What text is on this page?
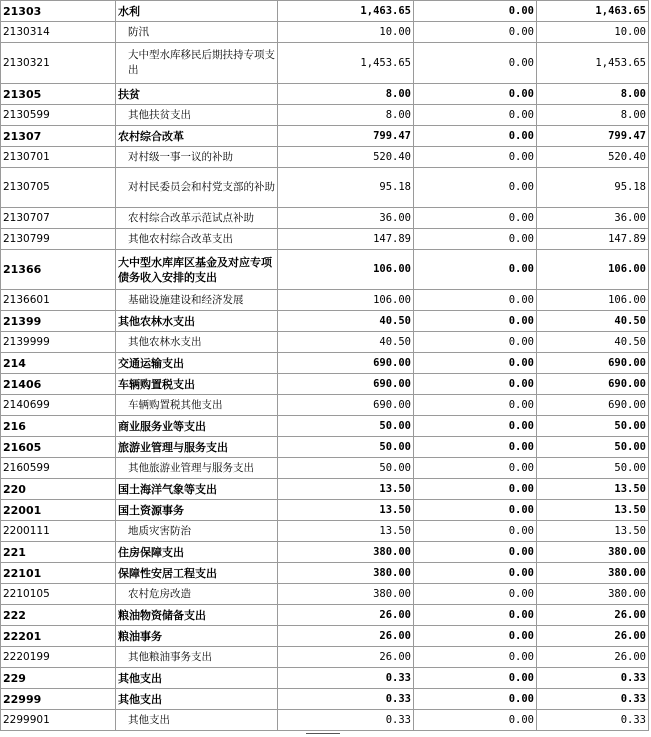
21303	水利	1,463.65	0.00	1,463.65
2130314	防汛	10.00	0.00	10.00
2130321	大中型水库移民后期扶持专项支出	1,453.65	0.00	1,453.65
21305	扶贫	8.00	0.00	8.00
2130599	其他扶贫支出	8.00	0.00	8.00
21307	农村综合改革	799.47	0.00	799.47
2130701	对村级一事一议的补助	520.40	0.00	520.40
2130705	对村民委员会和村党支部的补助	95.18	0.00	95.18
2130707	农村综合改革示范试点补助	36.00	0.00	36.00
2130799	其他农村综合改革支出	147.89	0.00	147.89
21366	大中型水库库区基金及对应专项债务收入安排的支出	106.00	0.00	106.00
2136601	基础设施建设和经济发展	106.00	0.00	106.00
21399	其他农林水支出	40.50	0.00	40.50
2139999	其他农林水支出	40.50	0.00	40.50
214	交通运输支出	690.00	0.00	690.00
21406	车辆购置税支出	690.00	0.00	690.00
2140699	车辆购置税其他支出	690.00	0.00	690.00
216	商业服务业等支出	50.00	0.00	50.00
21605	旅游业管理与服务支出	50.00	0.00	50.00
2160599	其他旅游业管理与服务支出	50.00	0.00	50.00
220	国土海洋气象等支出	13.50	0.00	13.50
22001	国土资源事务	13.50	0.00	13.50
2200111	地质灾害防治	13.50	0.00	13.50
221	住房保障支出	380.00	0.00	380.00
22101	保障性安居工程支出	380.00	0.00	380.00
2210105	农村危房改造	380.00	0.00	380.00
222	粮油物资储备支出	26.00	0.00	26.00
22201	粮油事务	26.00	0.00	26.00
2220199	其他粮油事务支出	26.00	0.00	26.00
229	其他支出	0.33	0.00	0.33
22999	其他支出	0.33	0.00	0.33
2299901	其他支出	0.33	0.00	0.33
